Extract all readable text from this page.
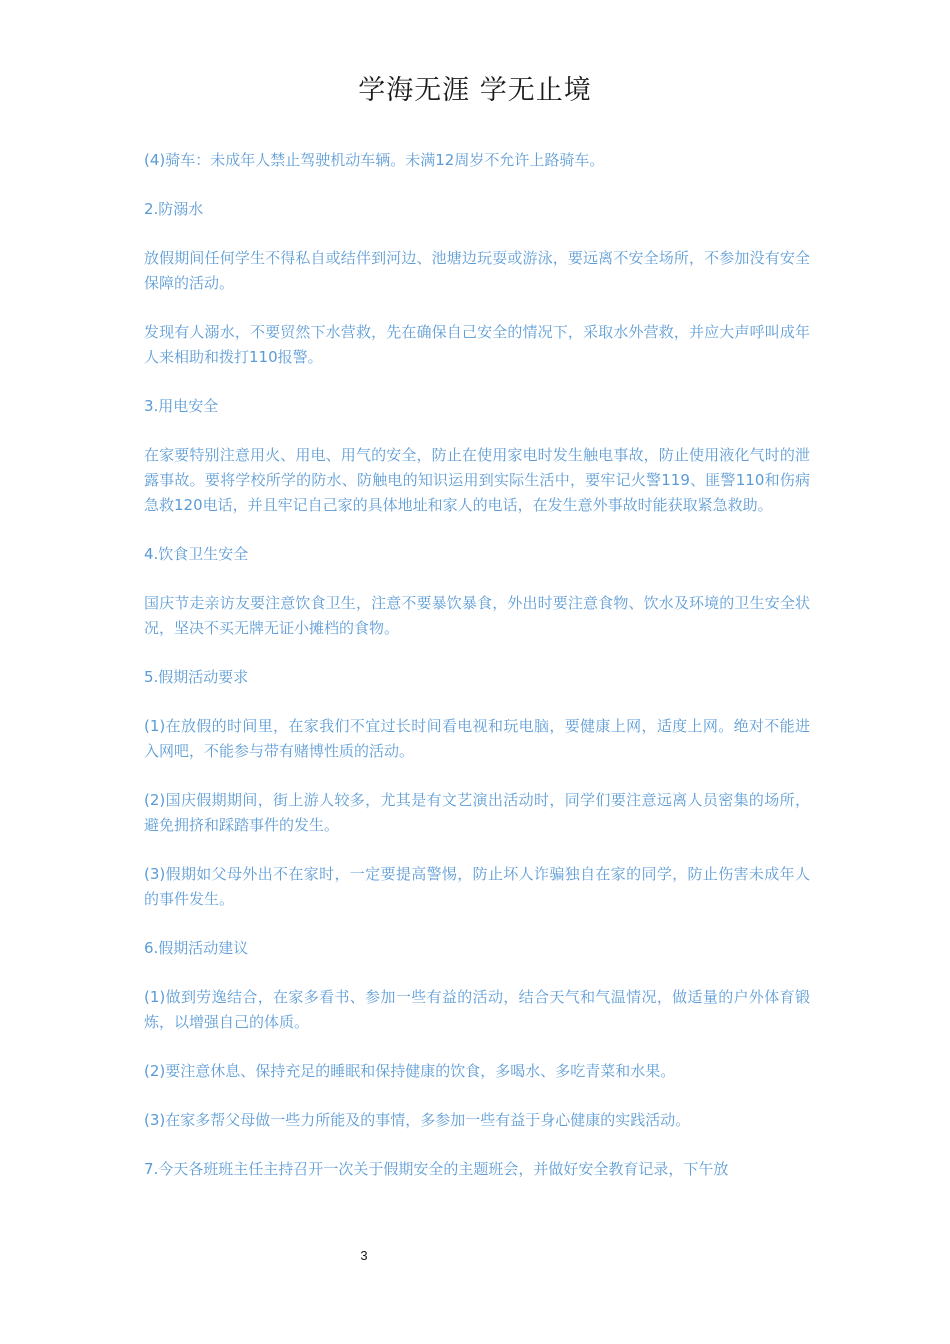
学海无涯 学无止境

(4)骑车：未成年人禁止驾驶机动车辆。未满12周岁不允许上路骑车。

2.防溺水

放假期间任何学生不得私自或结伴到河边、池塘边玩耍或游泳，要远离不安全场所，不参加没有安全保障的活动。

发现有人溺水，不要贸然下水营救，先在确保自己安全的情况下，采取水外营救，并应大声呼叫成年人来相助和拨打110报警。

3.用电安全

在家要特别注意用火、用电、用气的安全，防止在使用家电时发生触电事故，防止使用液化气时的泄露事故。要将学校所学的防水、防触电的知识运用到实际生活中，要牢记火警119、匪警110和伤病急救120电话，并且牢记自己家的具体地址和家人的电话，在发生意外事故时能获取紧急救助。

4.饮食卫生安全

国庆节走亲访友要注意饮食卫生，注意不要暴饮暴食，外出时要注意食物、饮水及环境的卫生安全状况，坚决不买无牌无证小摊档的食物。

5.假期活动要求

(1)在放假的时间里，在家我们不宜过长时间看电视和玩电脑，要健康上网，适度上网。绝对不能进入网吧，不能参与带有赌博性质的活动。

(2)国庆假期期间，街上游人较多，尤其是有文艺演出活动时，同学们要注意远离人员密集的场所，避免拥挤和踩踏事件的发生。

(3)假期如父母外出不在家时，一定要提高警惕，防止坏人诈骗独自在家的同学，防止伤害未成年人的事件发生。

6.假期活动建议

(1)做到劳逸结合，在家多看书、参加一些有益的活动，结合天气和气温情况，做适量的户外体育锻炼，以增强自己的体质。

(2)要注意休息、保持充足的睡眠和保持健康的饮食，多喝水、多吃青菜和水果。

(3)在家多帮父母做一些力所能及的事情，多参加一些有益于身心健康的实践活动。

7.今天各班班主任主持召开一次关于假期安全的主题班会，并做好安全教育记录，下午放

3
